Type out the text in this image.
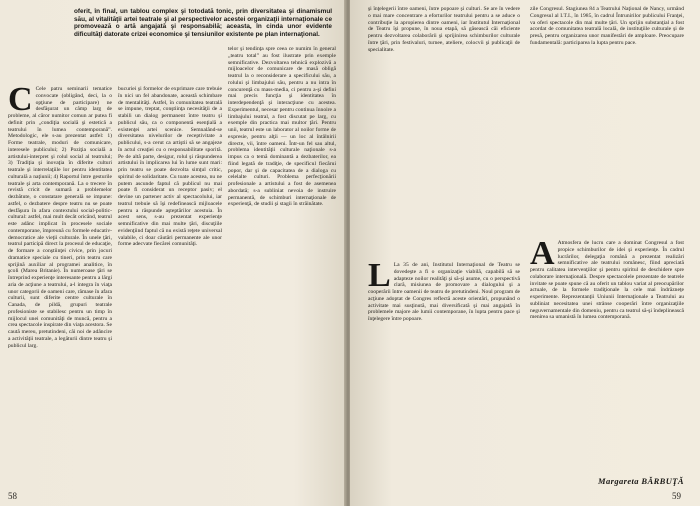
oferit, în final, un tablou complex şi totodată tonic, prin diversitatea şi dinamismul său, al vitalităţii artei teatrale şi al perspectivelor acestei organizaţii internaţionale ce promovează o artă angajată şi responsabilă; aceasta, în cinda unor evidente dificultăţi datorate crizei economice şi tensiunilor existente pe plan internaţional.
C Cele patru seminarii tematice convocate (obligând, deci, la o opţiune de participare) ne desfăşurat un câmp larg de probleme, al căror numitor comun ar putea fi definit prin „condiţia socială şi estetică a teatrului în lumea contemporană”. Metodologic, ele s-au prezentat astfel: 1) Forme teatrale, moduri de comunicare, interesele publicului; 2) Poziţia socială a artistului-interpret şi rolul social al teatrului; 3) Tradiţia şi inovaţia în diferite culturi teatrale şi interrelaţiile lor pentru identitatea culturală a naţiunii; 4) Raportul între gesturile teatrale şi arta contemporană. La o trecere în revistă cricit de sumară a problemelor dezbătute, o constatare generală se impune: astfel, o dezbatere despre teatru nu se poate desfăşura în afara contextului social-politic-cultural: astfel, mai mult decât oricând, teatrul este adânc implicat în procesele sociale contemporane, împreună cu formele educativ-democratice ale vieţii culturale. În unele ţări, teatrul participă direct la procesul de educaţie, de formare a conştiinţei civice, prin jocuri dramatice speciale cu tineri, prin teatru care sprijină auxiliar al programei analitice, în şcoli (Marea Britanie). În numeroase ţări se întreprind experienţe interesante pentru a lărgi aria de acţiune a teatrului, a-l integra în viaţa unor categorii de oameni care, rămase în afara culturii, sunt diferite centre culturale în Canada, de pildă, grupuri teatrale profesioniste se stabilesc pentru un timp în mijlocul unei comunităţi de muncă, pentru a crea spectacole inspirate din viaţa acestora. Se caută mereu, pretutindeni, căi noi de adâncire a activităţii teatrale, a legăturii dintre teatru şi publicul larg.
bucuriei şi formelor de exprimare care trebuie în nici un fel abandonate, această schimbare de mentalităţi. Astfel, în comunitatea teatrală se impune, treptat, conştiinţa necesităţii de a stabili un dialog permanent între teatru şi publicul său, ca o componentă esenţială a existenţei artei scenice. Semnalând-se diversitatea nivelurilor de receptivitate a publicului, s-a cerut ca artiştii să se angajeze în actul creaţiei cu o responsabilitate sporită. Pe de altă parte, desigur, rolul şi răspunderea artistului în implicarea lui în lume sunt mari: prin teatru se poate dezvolta simţul critic, spiritul de solidaritate. Cu toate acestea, nu ne putem ascunde faptul că publicul nu mai poate fi considerat un receptor pasiv; el devine un partener activ al spectacolului, iar teatrul trebuie să îşi redefinească mijloacele pentru a răspunde aşteptărilor acestuia. În acest sens, s-au prezentat experienţe semnificative din mai multe ţări, discuţiile evidenţiind faptul că nu există reţete universal valabile, ci doar căutări permanente ale unor forme adecvate fiecărei comunităţi.
telor şi tendinţa spre ceea ce numim în general „teatru total” au fost ilustrate prin exemple semnificative. Dezvoltarea tehnică explozivă a mijloacelor de comunicare de masă obligă teatrul la o reconsiderare a specificului său, a rolului şi limbajului său, pentru a nu intra în concurenţă cu mass-media, ci pentru a-şi defini mai precis funcţia şi identitatea în interdependenţă şi interacţiune cu acestea. Experimentul, necesar pentru continua înnoire a limbajului teatral, a fost discutat pe larg, cu exemple din practica mai multor ţări. Pentru unii, teatrul este un laborator al noilor forme de expresie, pentru alţii — un loc al întâlnirii directe, vii, între oameni. Într-un fel sau altul, problema identităţii culturale naţionale s-a impus ca o temă dominantă a dezbaterilor, ea fiind legată de tradiţie, de specificul fiecărui popor, dar şi de capacitatea de a dialoga cu celelalte culturi. Problema perfecţionării profesionale a artistului a fost de asemenea abordată; s-a subliniat nevoia de instruire permanentă, de schimburi internaţionale de experienţă, de studii şi stagii în străinătate.
58
şi înţelegerii între oameni, între popoare şi culturi. Se are în vedere o mai mare concentrare a eforturilor teatrului pentru a se aduce o contribuţie la apropierea dintre oameni, iar Institutul Internaţional de Teatru îşi propune, în noua etapă, să găsească căi eficiente pentru dezvoltarea colaborării şi sprijinirea schimburilor culturale între ţări, prin festivaluri, turnee, ateliere, colocvii şi publicaţii de specialitate.
L La 35 de ani, Institutul Internaţional de Teatru se dovedeşte a fi o organizaţie viabilă, capabilă să se adapteze noilor realităţi şi să-şi asume, cu o perspectivă clară, misiunea de promovare a dialogului şi a cooperării între oamenii de teatru de pretutindeni. Noul program de acţiune adoptat de Congres reflectă aceste orientări, propunând o activitate mai susţinută, mai diversificată şi mai angajată în problemele majore ale lumii contemporane, în lupta pentru pace şi înţelegere între popoare.
zile Congresul. Stagiunea 84 a Teatrului Naţional de Nancy, urmând Congresul al I.T.I., în 1985, în cadrul Întrunirilor publicului Franţei, va oferi spectacole din mai multe ţări. Un sprijin substanţial a fost acordat de comunitatea teatrală locală, de instituţiile culturale şi de presă, pentru organizarea unor manifestări de amploare. Preocupare fundamentală: participarea la lupta pentru pace.
A Atmosfera de lucru care a dominat Congresul a fost propice schimburilor de idei şi experienţe. În cadrul lucrărilor, delegaţia română a prezentat realizări semnificative ale teatrului românesc, fiind apreciată pentru calitatea intervenţiilor şi pentru spiritul de deschidere spre colaborare internaţională. Despre spectacolele prezentate de teatrele invitate se poate spune că au oferit un tablou variat al preocupărilor actuale, de la formele tradiţionale la cele mai îndrăzneţe experimente. Reprezentanţii Uniunii Internaţionale a Teatrului au subliniat necesitatea unei strânse cooperări între organizaţiile neguvernamentale din domeniu, pentru ca teatrul să-şi îndeplinească menirea sa umanistă în lumea contemporană.
Margareta BĂRBUŢĂ
59
